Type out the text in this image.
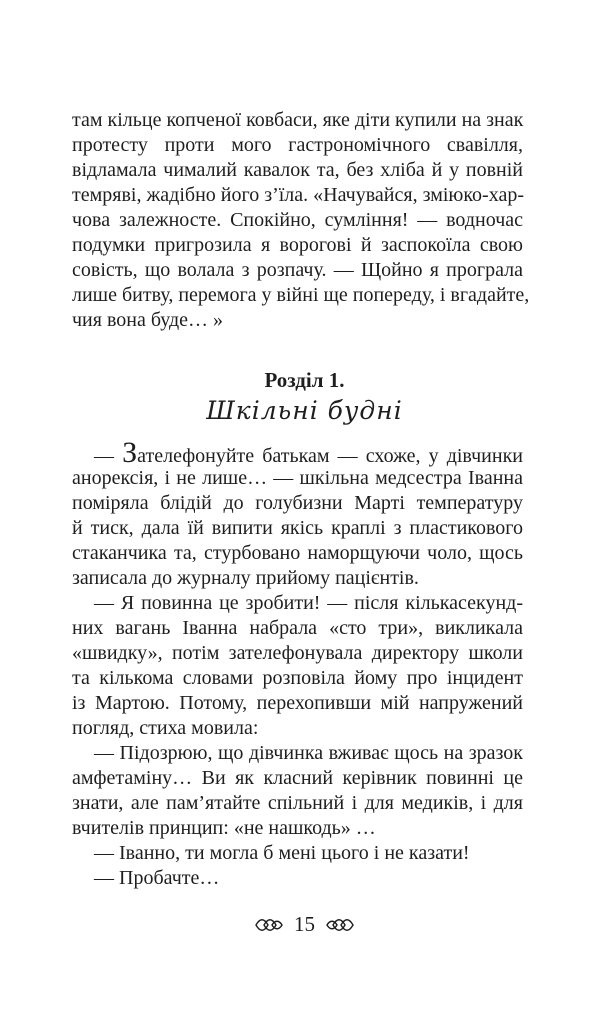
там кільце копченої ковбаси, яке діти купили на знак
протесту проти мого гастрономічного свавілля,
відламала чималий кавалок та, без хліба й у повній
темряві, жадібно його з’їла. «Начувайся, зміюко-хар-
чова залежносте. Спокійно, сумління! — водночас
подумки пригрозила я ворогові й заспокоїла свою
совість, що волала з розпачу. — Щойно я програла
лише битву, перемога у війні ще попереду, і вгадайте,
чия вона буде… »
Розділ 1.
Шкільні будні
— Зателефонуйте батькам — схоже, у дівчинки
анорексія, і не лише… — шкільна медсестра Іванна
поміряла блідій до голубизни Марті температуру
й тиск, дала їй випити якісь краплі з пластикового
стаканчика та, стурбовано наморщуючи чоло, щось
записала до журналу прийому пацієнтів.
— Я повинна це зробити! — після кількасекунд-
них вагань Іванна набрала «сто три», викликала
«швидку», потім зателефонувала директору школи
та кількома словами розповіла йому про інцидент
із Мартою. Потому, перехопивши мій напружений
погляд, стиха мовила:
— Підозрюю, що дівчинка вживає щось на зразок
амфетаміну… Ви як класний керівник повинні це
знати, але пам’ятайте спільний і для медиків, і для
вчителів принцип: «не нашкодь» …
— Іванно, ти могла б мені цього і не казати!
— Пробачте…
15
